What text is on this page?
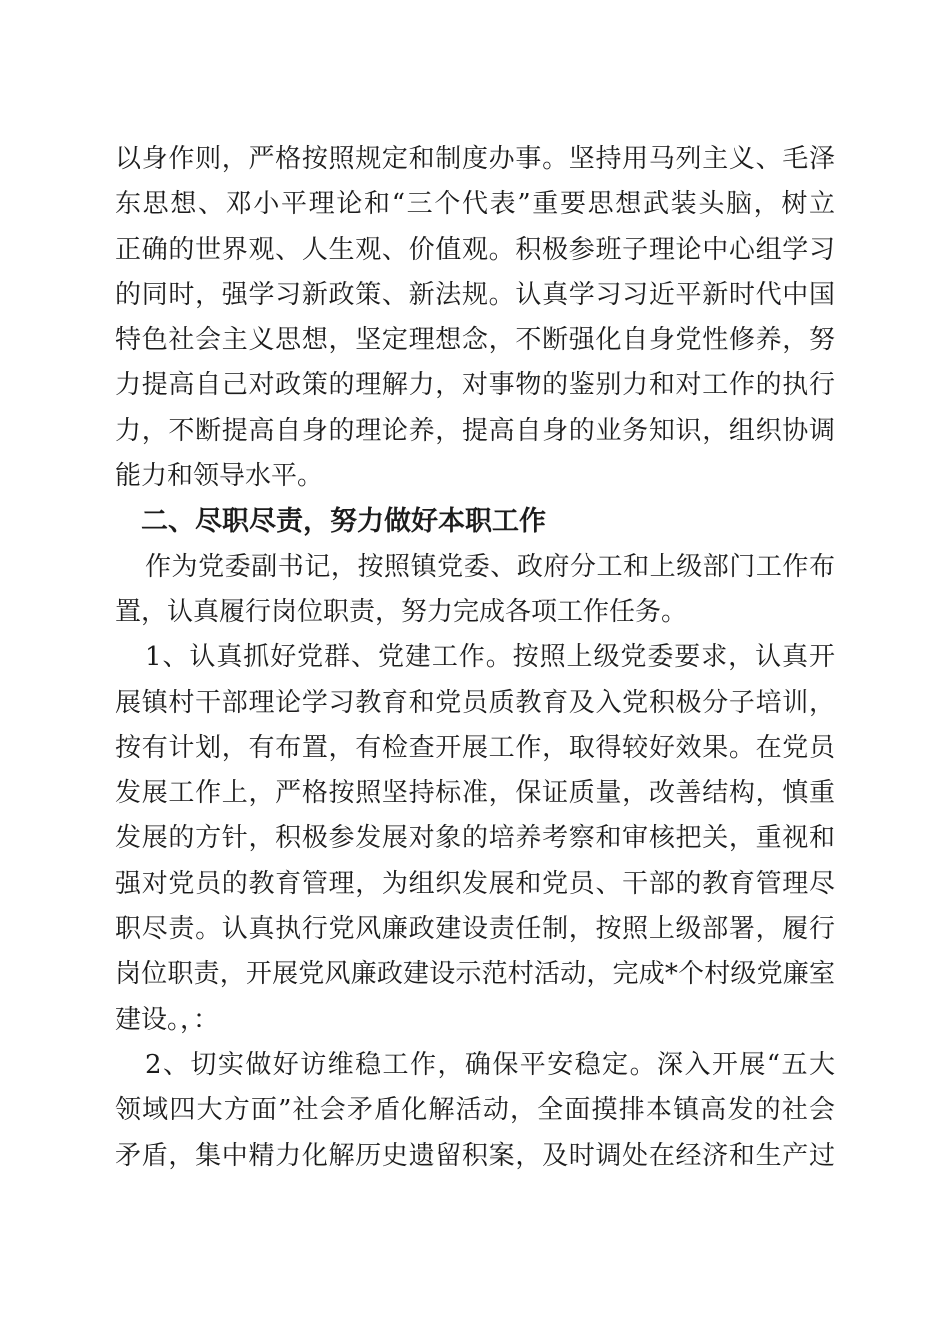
以身作则，严格按照规定和制度办事。坚持用马列主义、毛泽
东思想、邓小平理论和“三个代表”重要思想武装头脑，树立
正确的世界观、人生观、价值观。积极参班子理论中心组学习
的同时，强学习新政策、新法规。认真学习习近平新时代中国
特色社会主义思想，坚定理想念，不断强化自身党性修养，努
力提高自己对政策的理解力，对事物的鉴别力和对工作的执行
力，不断提高自身的理论养，提高自身的业务知识，组织协调
能力和领导水平。
二、尽职尽责，努力做好本职工作
作为党委副书记，按照镇党委、政府分工和上级部门工作布
置，认真履行岗位职责，努力完成各项工作任务。
1、认真抓好党群、党建工作。按照上级党委要求，认真开
展镇村干部理论学习教育和党员质教育及入党积极分子培训，
按有计划，有布置，有检查开展工作，取得较好效果。在党员
发展工作上，严格按照坚持标准，保证质量，改善结构，慎重
发展的方针，积极参发展对象的培养考察和审核把关，重视和
强对党员的教育管理，为组织发展和党员、干部的教育管理尽
职尽责。认真执行党风廉政建设责任制，按照上级部署，履行
岗位职责，开展党风廉政建设示范村活动，完成*个村级党廉室
建设。，：
2、切实做好访维稳工作，确保平安稳定。深入开展“五大
领域四大方面”社会矛盾化解活动，全面摸排本镇高发的社会
矛盾，集中精力化解历史遗留积案，及时调处在经济和生产过
